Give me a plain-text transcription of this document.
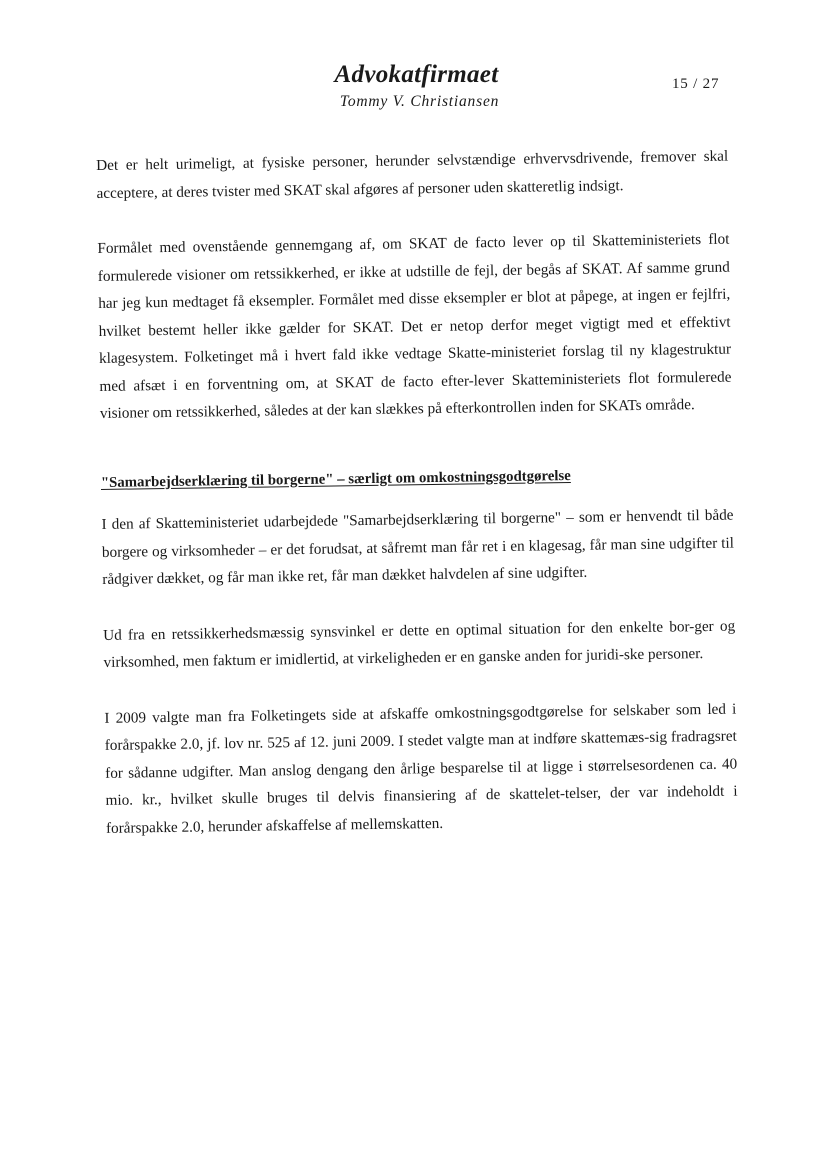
Advokatfirmaet
Tommy V. Christiansen
15 / 27

Det er helt urimeligt, at fysiske personer, herunder selvstændige erhvervsdrivende, fremover skal acceptere, at deres tvister med SKAT skal afgøres af personer uden skatteretlig indsigt.

Formålet med ovenstående gennemgang af, om SKAT de facto lever op til Skatteministeriets flot formulerede visioner om retssikkerhed, er ikke at udstille de fejl, der begås af SKAT. Af samme grund har jeg kun medtaget få eksempler. Formålet med disse eksempler er blot at påpege, at ingen er fejlfri, hvilket bestemt heller ikke gælder for SKAT. Det er netop derfor meget vigtigt med et effektivt klagesystem. Folketinget må i hvert fald ikke vedtage Skatte-ministeriet forslag til ny klagestruktur med afsæt i en forventning om, at SKAT de facto efter-lever Skatteministeriets flot formulerede visioner om retssikkerhed, således at der kan slækkes på efterkontrollen inden for SKATs område.

"Samarbejdserklæring til borgerne" – særligt om omkostningsgodtgørelse

I den af Skatteministeriet udarbejdede "Samarbejdserklæring til borgerne" – som er henvendt til både borgere og virksomheder – er det forudsat, at såfremt man får ret i en klagesag, får man sine udgifter til rådgiver dækket, og får man ikke ret, får man dækket halvdelen af sine udgifter.

Ud fra en retssikkerhedsmæssig synsvinkel er dette en optimal situation for den enkelte bor-ger og virksomhed, men faktum er imidlertid, at virkeligheden er en ganske anden for juridi-ske personer.

I 2009 valgte man fra Folketingets side at afskaffe omkostningsgodtgørelse for selskaber som led i forårspakke 2.0, jf. lov nr. 525 af 12. juni 2009. I stedet valgte man at indføre skattemæs-sig fradragsret for sådanne udgifter. Man anslog dengang den årlige besparelse til at ligge i størrelsesordenen ca. 40 mio. kr., hvilket skulle bruges til delvis finansiering af de skattelet-telser, der var indeholdt i forårspakke 2.0, herunder afskaffelse af mellemskatten.
